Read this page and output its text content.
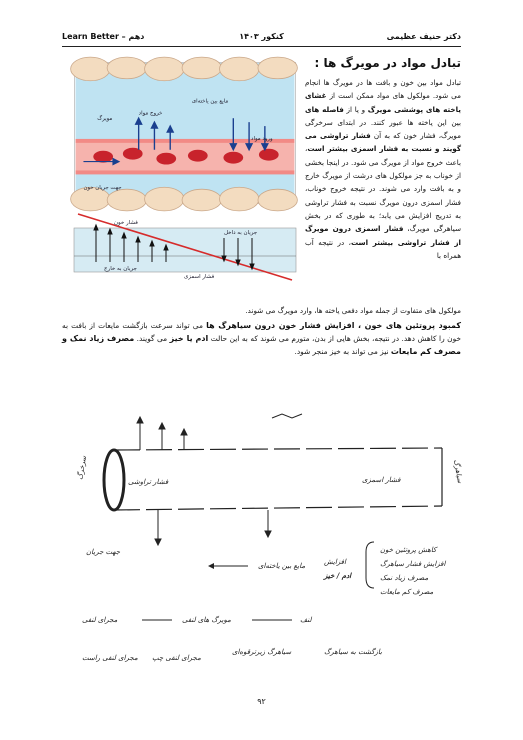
دکتر حنیف عظیمی
کنکور ۱۴۰۳
Learn Better – دهم
مایع بین یاخته‌ای
مویرگ
خروج مواد
ورود مواد
جهت جریان خون
فشار خون
جریان به داخل
جریان به خارج
فشار اسمزی
تبادل مواد در مویرگ ها :
تبادل مواد بین خون و بافت ها در مویرگ ها انجام می شود. مولکول های مواد ممکن است از غشای یاخته های پوششی مویرگ و یا از فاصله های بین این یاخته ها عبور کنند. در ابتدای سرخرگی مویرگ، فشار خون که به آن فشار تراوشی می گویند و نسبت به فشار اسمزی بیشتر است، باعث خروج مواد از مویرگ می شود. در اینجا بخشی از خوناب به جز مولکول های درشت از مویرگ خارج و به بافت وارد می شوند. در نتیجه خروج خوناب، فشار اسمزی درون مویرگ نسبت به فشار تراوشی به تدریج افزایش می یابد؛ به طوری که در بخش سیاهرگی مویرگ، فشار اسمزی درون مویرگ از فشار تراوشی بیشتر است، در نتیجه آب همراه با
مولکول های متفاوت از جمله مواد دفعی یاخته ها، وارد مویرگ می شوند.
کمبود پروتئین های خون ، افزایش فشار خون درون سیاهرگ ها می تواند سرعت بازگشت مایعات از بافت به خون را کاهش دهد. در نتیجه، بخش هایی از بدن، متورم می شوند که به این حالت ادم یا خیز می گویند. مصرف زیاد نمک و مصرف کم مایعات نیز می تواند به خیز منجر شود.
سرخرگ	سیاهرگ
فشار تراوشی	فشار اسمزی
جهت جریان
مایع بین یاخته‌ای	افزایش
ادم / خیز
کاهش پروتئین خون
افزایش فشار سیاهرگ
مصرف زیاد نمک
مصرف کم مایعات
لنف
مویرگ های لنفی
مجرای لنفی
مجرای لنفی راست مجرای لنفی چپ
سیاهرگ زیرترقوه‌ای	بازگشت به سیاهرگ
۹۲
